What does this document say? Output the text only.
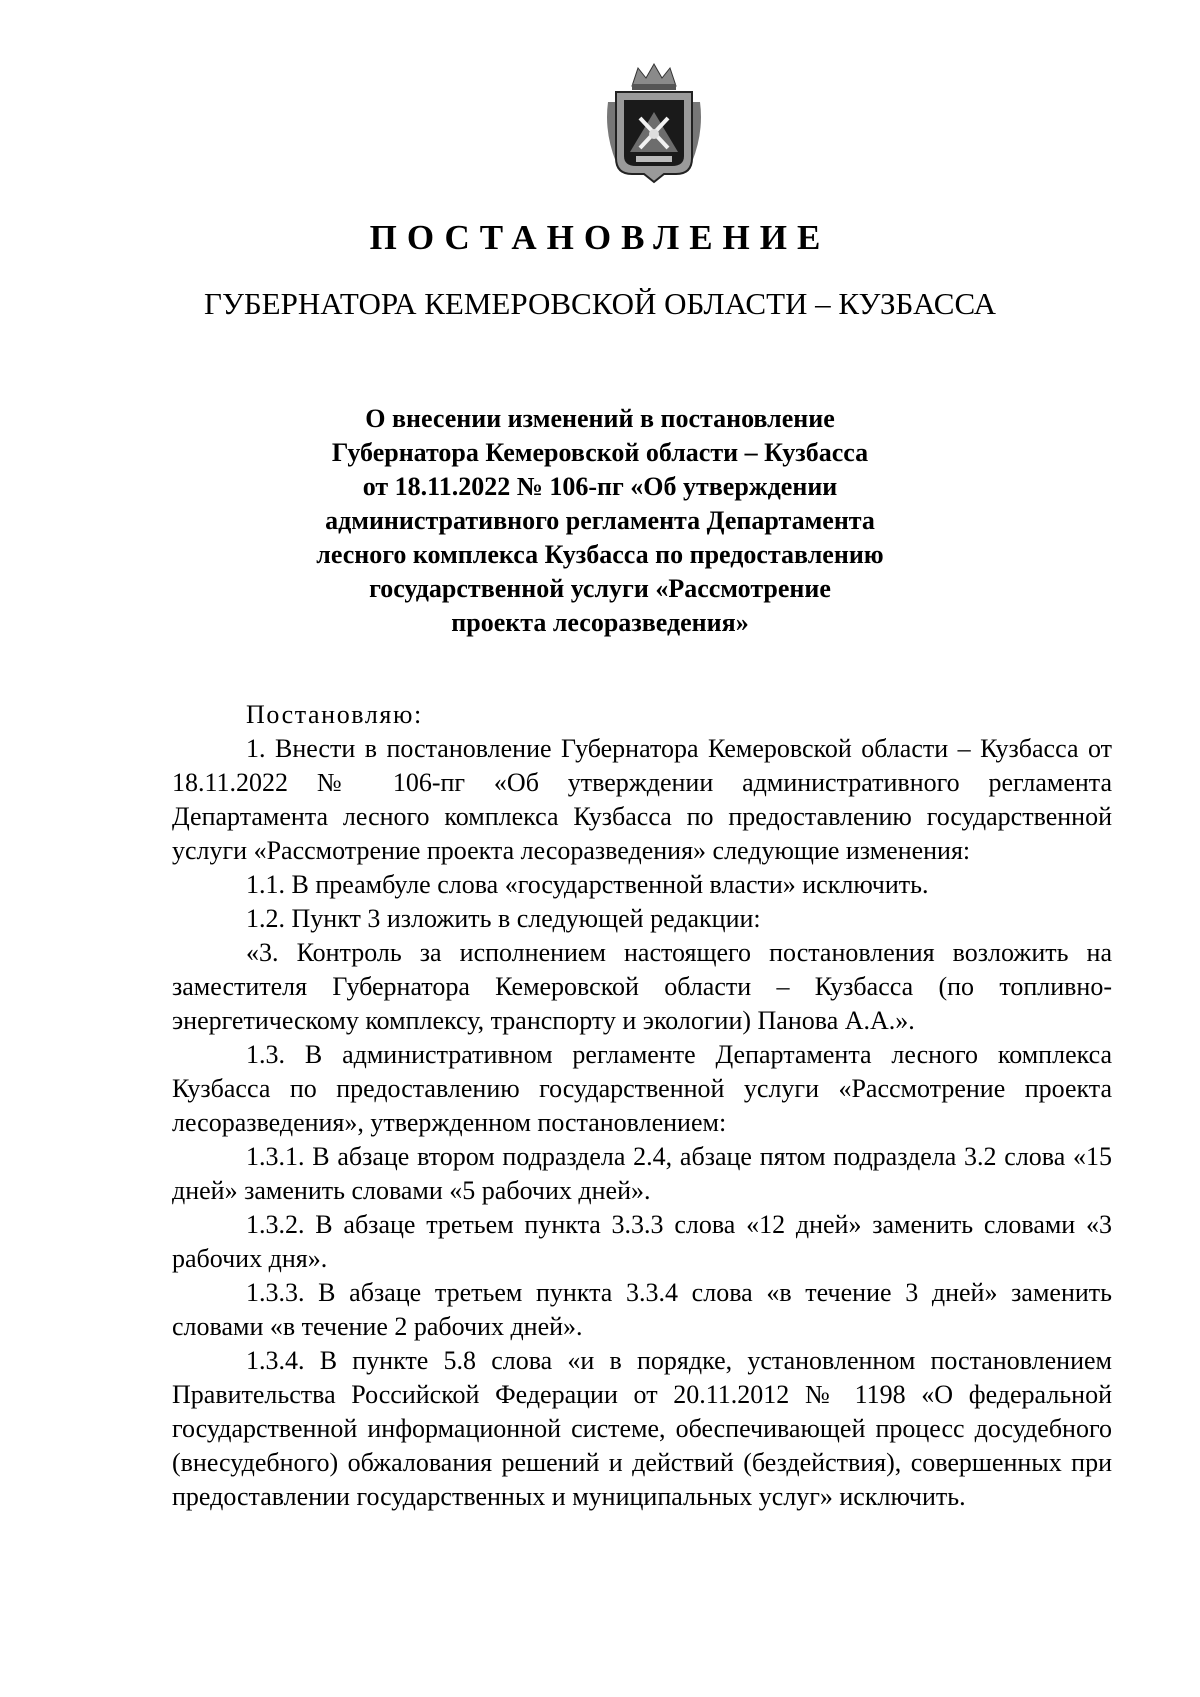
ПОСТАНОВЛЕНИЕ
ГУБЕРНАТОРА КЕМЕРОВСКОЙ ОБЛАСТИ – КУЗБАССА
О внесении изменений в постановление
Губернатора Кемеровской области – Кузбасса
от 18.11.2022 № 106-пг «Об утверждении
административного регламента Департамента
лесного комплекса Кузбасса по предоставлению
государственной услуги «Рассмотрение
проекта лесоразведения»

Постановляю:

1. Внести в постановление Губернатора Кемеровской области – Кузбасса от 18.11.2022 № 106-пг «Об утверждении административного регламента Департамента лесного комплекса Кузбасса по предоставлению государственной услуги «Рассмотрение проекта лесоразведения» следующие изменения:

1.1. В преамбуле слова «государственной власти» исключить.

1.2. Пункт 3 изложить в следующей редакции:

«3. Контроль за исполнением настоящего постановления возложить на заместителя Губернатора Кемеровской области – Кузбасса (по топливно-энергетическому комплексу, транспорту и экологии) Панова А.А.».

1.3. В административном регламенте Департамента лесного комплекса Кузбасса по предоставлению государственной услуги «Рассмотрение проекта лесоразведения», утвержденном постановлением:

1.3.1. В абзаце втором подраздела 2.4, абзаце пятом подраздела 3.2 слова «15 дней» заменить словами «5 рабочих дней».

1.3.2. В абзаце третьем пункта 3.3.3 слова «12 дней» заменить словами «3 рабочих дня».

1.3.3. В абзаце третьем пункта 3.3.4 слова «в течение 3 дней» заменить словами «в течение 2 рабочих дней».

1.3.4. В пункте 5.8 слова «и в порядке, установленном постановлением Правительства Российской Федерации от 20.11.2012 № 1198 «О федеральной государственной информационной системе, обеспечивающей процесс досудебного (внесудебного) обжалования решений и действий (бездействия), совершенных при предоставлении государственных и муниципальных услуг» исключить.
